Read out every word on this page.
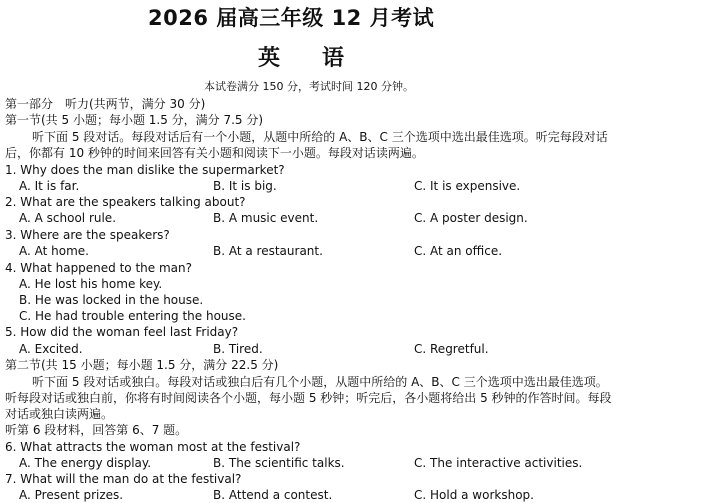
2026 届高三年级 12 月考试
英　语
本试卷满分 150 分，考试时间 120 分钟。
第一部分　听力(共两节，满分 30 分)
第一节(共 5 小题；每小题 1.5 分，满分 7.5 分)
听下面 5 段对话。每段对话后有一个小题，从题中所给的 A、B、C 三个选项中选出最佳选项。听完每段对话
后，你都有 10 秒钟的时间来回答有关小题和阅读下一小题。每段对话读两遍。
1. Why does the man dislike the supermarket?
A. It is far.	B. It is big.	C. It is expensive.
2. What are the speakers talking about?
A. A school rule.	B. A music event.	C. A poster design.
3. Where are the speakers?
A. At home.	B. At a restaurant.	C. At an office.
4. What happened to the man?
A. He lost his home key.
B. He was locked in the house.
C. He had trouble entering the house.
5. How did the woman feel last Friday?
A. Excited.	B. Tired.	C. Regretful.
第二节(共 15 小题；每小题 1.5 分，满分 22.5 分)
听下面 5 段对话或独白。每段对话或独白后有几个小题，从题中所给的 A、B、C 三个选项中选出最佳选项。
听每段对话或独白前，你将有时间阅读各个小题，每小题 5 秒钟；听完后，各小题将给出 5 秒钟的作答时间。每段
对话或独白读两遍。
听第 6 段材料，回答第 6、7 题。
6. What attracts the woman most at the festival?
A. The energy display.	B. The scientific talks.	C. The interactive activities.
7. What will the man do at the festival?
A. Present prizes.	B. Attend a contest.	C. Hold a workshop.
